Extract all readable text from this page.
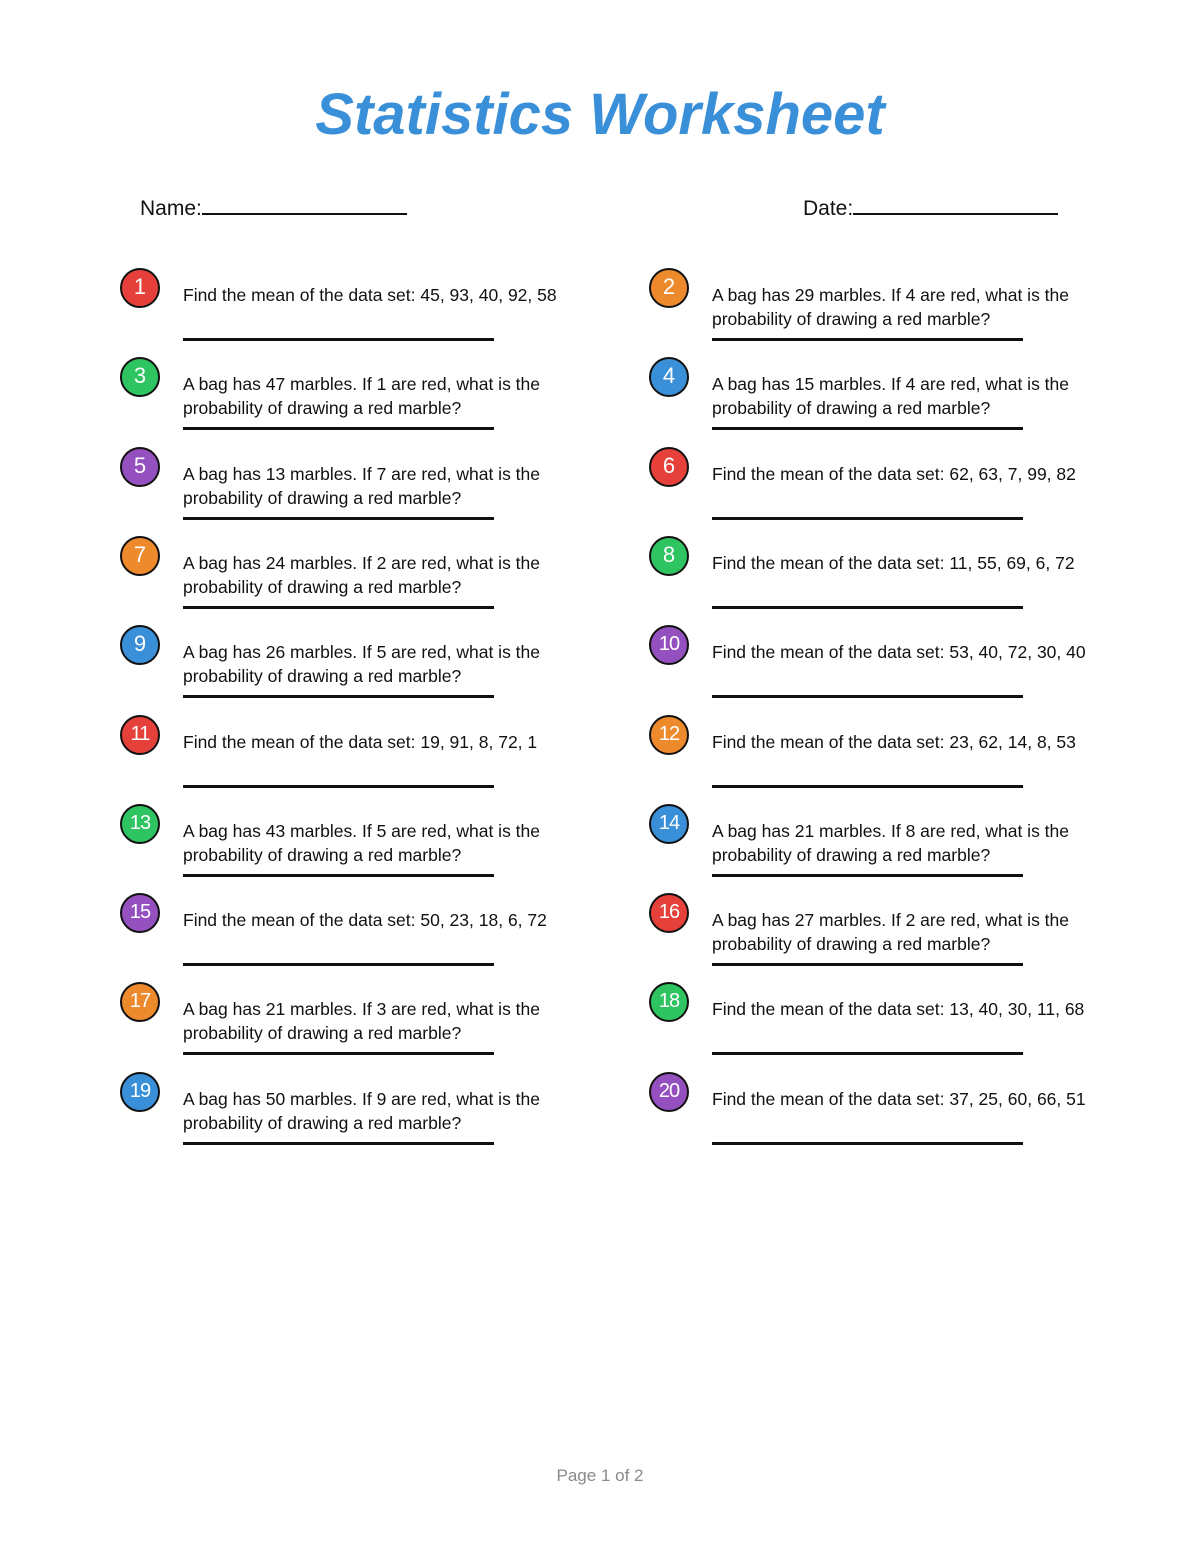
Statistics Worksheet
Name:	Date:
1	Find the mean of the data set: 45, 93, 40, 92, 58	2	A bag has 29 marbles. If 4 are red, what is the probability of drawing a red marble?
3	A bag has 47 marbles. If 1 are red, what is the probability of drawing a red marble?
4	A bag has 15 marbles. If 4 are red, what is the probability of drawing a red marble?
5	A bag has 13 marbles. If 7 are red, what is the probability of drawing a red marble?
6	Find the mean of the data set: 62, 63, 7, 99, 82
7	A bag has 24 marbles. If 2 are red, what is the probability of drawing a red marble?
8	Find the mean of the data set: 11, 55, 69, 6, 72
9	A bag has 26 marbles. If 5 are red, what is the probability of drawing a red marble?
10	Find the mean of the data set: 53, 40, 72, 30, 40
11	Find the mean of the data set: 19, 91, 8, 72, 1	12	Find the mean of the data set: 23, 62, 14, 8, 53
13	A bag has 43 marbles. If 5 are red, what is the probability of drawing a red marble?
14	A bag has 21 marbles. If 8 are red, what is the probability of drawing a red marble?
15	Find the mean of the data set: 50, 23, 18, 6, 72	16	A bag has 27 marbles. If 2 are red, what is the probability of drawing a red marble?
17	A bag has 21 marbles. If 3 are red, what is the probability of drawing a red marble?
18	Find the mean of the data set: 13, 40, 30, 11, 68
19	A bag has 50 marbles. If 9 are red, what is the probability of drawing a red marble?
20	Find the mean of the data set: 37, 25, 60, 66, 51
Page 1 of 2
